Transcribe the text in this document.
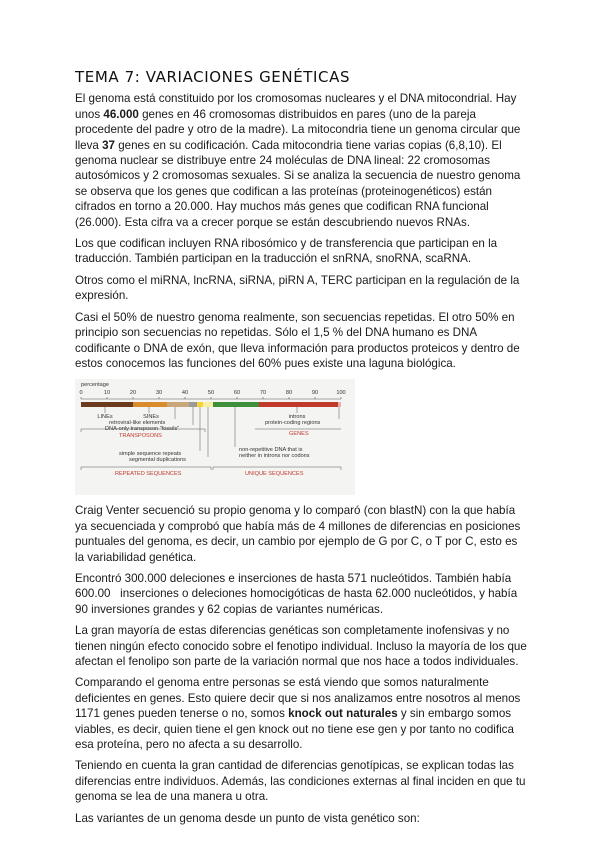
TEMA 7: VARIACIONES GENÉTICAS

El genoma está constituido por los cromosomas nucleares y el DNA mitocondrial. Hay unos 46.000 genes en 46 cromosomas distribuidos en pares (uno de la pareja procedente del padre y otro de la madre). La mitocondria tiene un genoma circular que lleva 37 genes en su codificación. Cada mitocondria tiene varias copias (6,8,10). El genoma nuclear se distribuye entre 24 moléculas de DNA lineal: 22 cromosomas autosómicos y 2 cromosomas sexuales. Si se analiza la secuencia de nuestro genoma se observa que los genes que codifican a las proteínas (proteinogenéticos) están cifrados en torno a 20.000. Hay muchos más genes que codifican RNA funcional (26.000). Esta cifra va a crecer porque se están descubriendo nuevos RNAs.

Los que codifican incluyen RNA ribosómico y de transferencia que participan en la traducción. También participan en la traducción el snRNA, snoRNA, scaRNA.

Otros como el miRNA, lncRNA, siRNA, piRN A, TERC participan en la regulación de la expresión.

Casi el 50% de nuestro genoma realmente, son secuencias repetidas. El otro 50% en principio son secuencias no repetidas. Sólo el 1,5 % del DNA humano es DNA codificante o DNA de exón, que lleva información para productos proteicos y dentro de estos conocemos las funciones del 60% pues existe una laguna biológica.

percentage
0	10	20	30	40	50	60	70	80	90	100
LINEs	SINEs
retroviral-like elements
DNA-only transposon "fossils"
TRANSPOSONS
simple sequence repeats
segmental duplications
REPEATED SEQUENCES
introns
protein-coding regions
GENES
non-repetitive DNA that is
neither in introns nor codons
UNIQUE SEQUENCES

Craig Venter secuenció su propio genoma y lo comparó (con blastN) con la que había ya secuenciada y comprobó que había más de 4 millones de diferencias en posiciones puntuales del genoma, es decir, un cambio por ejemplo de G por C, o T por C, esto es la variabilidad genética.

Encontró 300.000 deleciones e inserciones de hasta 571 nucleótidos. También había
600.00   inserciones o deleciones homocigóticas de hasta 62.000 nucleótidos, y había 90 inversiones grandes y 62 copias de variantes numéricas.

La gran mayoría de estas diferencias genéticas son completamente inofensivas y no tienen ningún efecto conocido sobre el fenotipo individual. Incluso la mayoría de los que afectan el fenolipo son parte de la variación normal que nos hace a todos individuales.

Comparando el genoma entre personas se está viendo que somos naturalmente deficientes en genes. Esto quiere decir que si nos analizamos entre nosotros al menos 1171 genes pueden tenerse o no, somos knock out naturales y sin embargo somos viables, es decir, quien tiene el gen knock out no tiene ese gen y por tanto no codifica esa proteína, pero no afecta a su desarrollo.

Teniendo en cuenta la gran cantidad de diferencias genotípicas, se explican todas las diferencias entre individuos. Además, las condiciones externas al final inciden en que tu genoma se lea de una manera u otra.

Las variantes de un genoma desde un punto de vista genético son:
